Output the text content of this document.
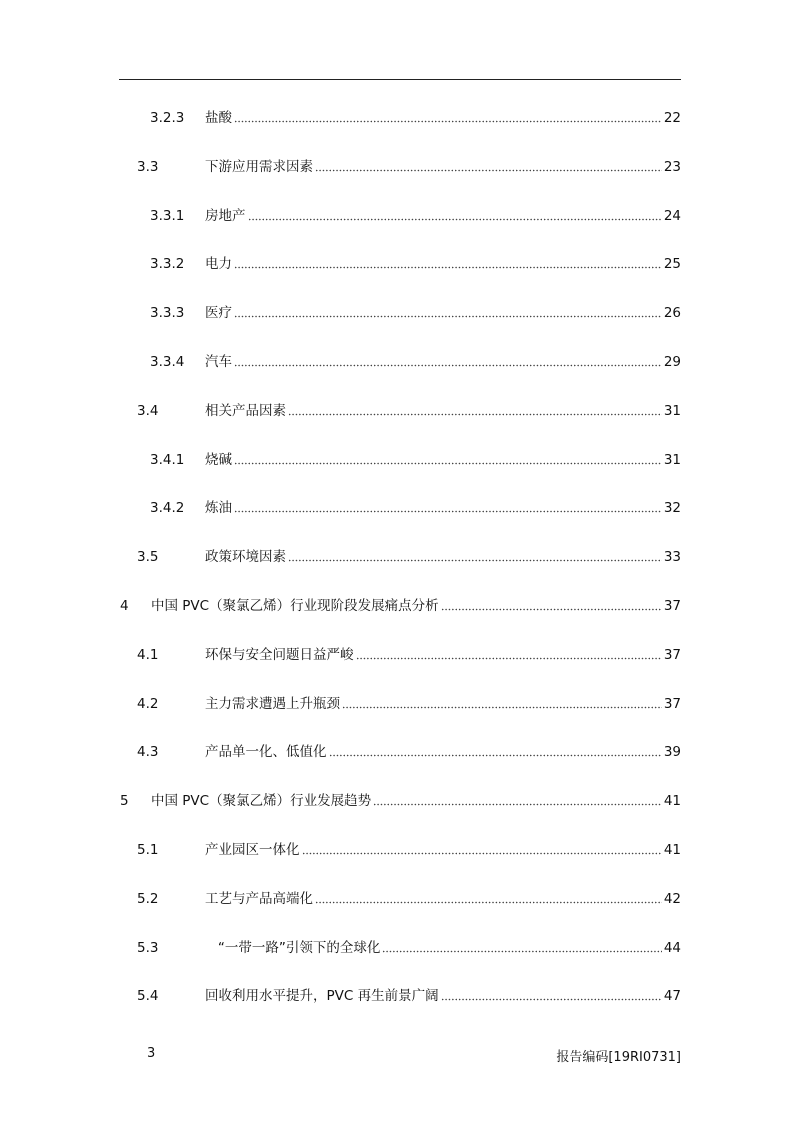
3.2.3 盐酸	22
3.3	下游应用需求因素	23
3.3.1 房地产	24
3.3.2 电力	25
3.3.3 医疗	26
3.3.4 汽车	29
3.4	相关产品因素	31
3.4.1 烧碱	31
3.4.2 炼油	32
3.5	政策环境因素	33
4 中国 PVC（聚氯乙烯）行业现阶段发展痛点分析	37
4.1	环保与安全问题日益严峻	37
4.2	主力需求遭遇上升瓶颈	37
4.3	产品单一化、低值化	39
5 中国 PVC（聚氯乙烯）行业发展趋势	41
5.1	产业园区一体化	41
5.2	工艺与产品高端化	42
5.3	“一带一路”引领下的全球化	44
5.4	回收利用水平提升，PVC 再生前景广阔	47
3	报告编码[19RI0731]
